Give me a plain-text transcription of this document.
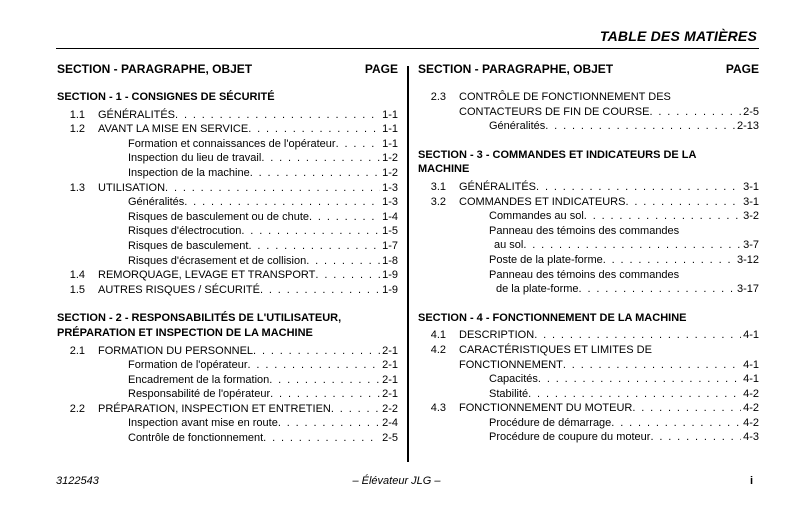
TABLE DES MATIÈRES
SECTION - PARAGRAPHE, OBJET	PAGE
SECTION - 1 - CONSIGNES DE SÉCURITÉ
1.1	GÉNÉRALITÉS . . .	1-1
1.2	AVANT LA MISE EN SERVICE . . .	1-1
Formation et connaissances de l'opérateur . . .	1-1
Inspection du lieu de travail . . .	1-2
Inspection de la machine . . .	1-2
1.3	UTILISATION . . .	1-3
Généralités . . .	1-3
Risques de basculement ou de chute . . .	1-4
Risques d'électrocution . . .	1-5
Risques de basculement . . .	1-7
Risques d'écrasement et de collision . . .	1-8
1.4	REMORQUAGE, LEVAGE ET TRANSPORT . . .	1-9
1.5	AUTRES RISQUES / SÉCURITÉ . . .	1-9
SECTION - 2 - RESPONSABILITÉS DE L'UTILISATEUR,
PRÉPARATION ET INSPECTION DE LA MACHINE
2.1	FORMATION DU PERSONNEL . . .	2-1
Formation de l'opérateur . . .	2-1
Encadrement de la formation . . .	2-1
Responsabilité de l'opérateur . . .	2-1
2.2	PRÉPARATION, INSPECTION ET ENTRETIEN . . .	2-2
Inspection avant mise en route . . .	2-4
Contrôle de fonctionnement . . .	2-5
SECTION - PARAGRAPHE, OBJET	PAGE
2.3	CONTRÔLE DE FONCTIONNEMENT DES
CONTACTEURS DE FIN DE COURSE . . .	2-5
Généralités . . .	2-13
SECTION - 3 - COMMANDES ET INDICATEURS DE LA
MACHINE
3.1	GÉNÉRALITÉS . . .	3-1
3.2	COMMANDES ET INDICATEURS . . .	3-1
Commandes au sol . . .	3-2
Panneau des témoins des commandes
au sol . . .	3-7
Poste de la plate-forme . . .	3-12
Panneau des témoins des commandes
de la plate-forme . . .	3-17
SECTION - 4 - FONCTIONNEMENT DE LA MACHINE
4.1	DESCRIPTION . . .	4-1
4.2	CARACTÉRISTIQUES ET LIMITES DE
FONCTIONNEMENT . . .	4-1
Capacités . . .	4-1
Stabilité . . .	4-2
4.3	FONCTIONNEMENT DU MOTEUR . . .	4-2
Procédure de démarrage . . .	4-2
Procédure de coupure du moteur . . .	4-3
3122543	– Élévateur JLG –	i
